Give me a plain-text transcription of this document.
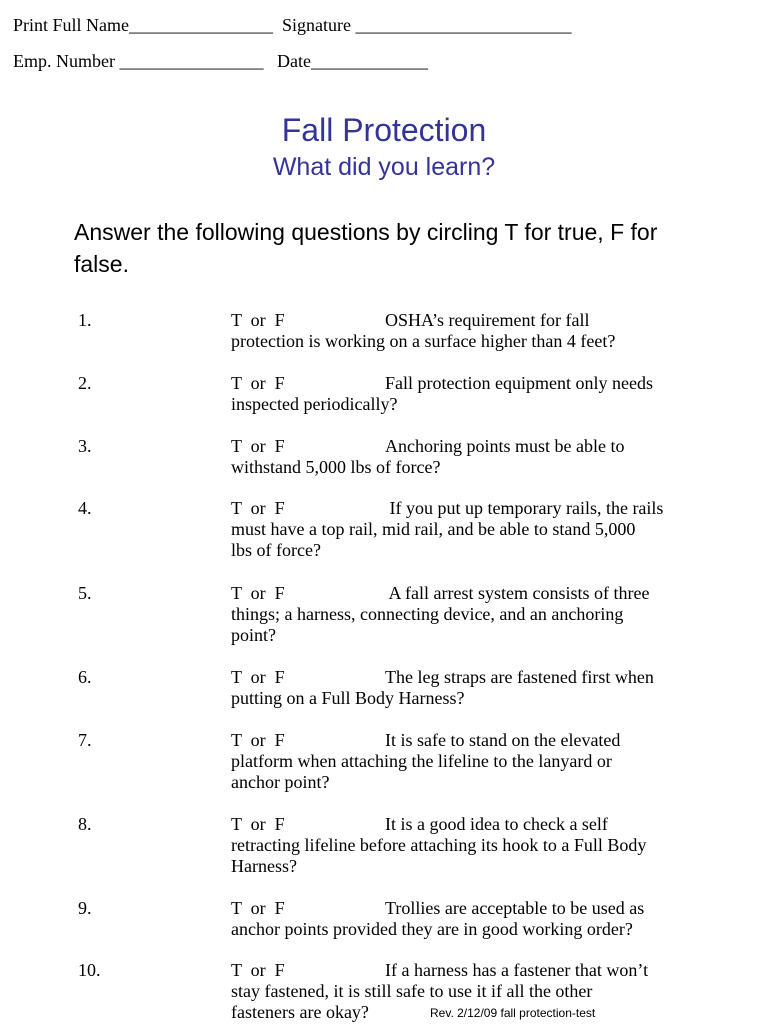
Print Full Name________________  Signature ________________________
Emp. Number ________________   Date_____________
Fall Protection
What did you learn?
Answer the following questions by circling T for true, F for false.
1.	T  or  F	OSHA’s requirement for fall
protection is working on a surface higher than 4 feet?
2.	T  or  F	Fall protection equipment only needs
inspected periodically?
3.	T  or  F	Anchoring points must be able to
withstand 5,000 lbs of force?
4.	T  or  F	If you put up temporary rails, the rails
must have a top rail, mid rail, and be able to stand 5,000
lbs of force?
5.	T  or  F	A fall arrest system consists of three
things; a harness, connecting device, and an anchoring
point?
6.	T  or  F	The leg straps are fastened first when
putting on a Full Body Harness?
7.	T  or  F	It is safe to stand on the elevated
platform when attaching the lifeline to the lanyard or
anchor point?
8.	T  or  F	It is a good idea to check a self
retracting lifeline before attaching its hook to a Full Body
Harness?
9.	T  or  F	Trollies are acceptable to be used as
anchor points provided they are in good working order?
10.	T  or  F	If a harness has a fastener that won’t
stay fastened, it is still safe to use it if all the other
fasteners are okay?	Rev. 2/12/09 fall protection-test
